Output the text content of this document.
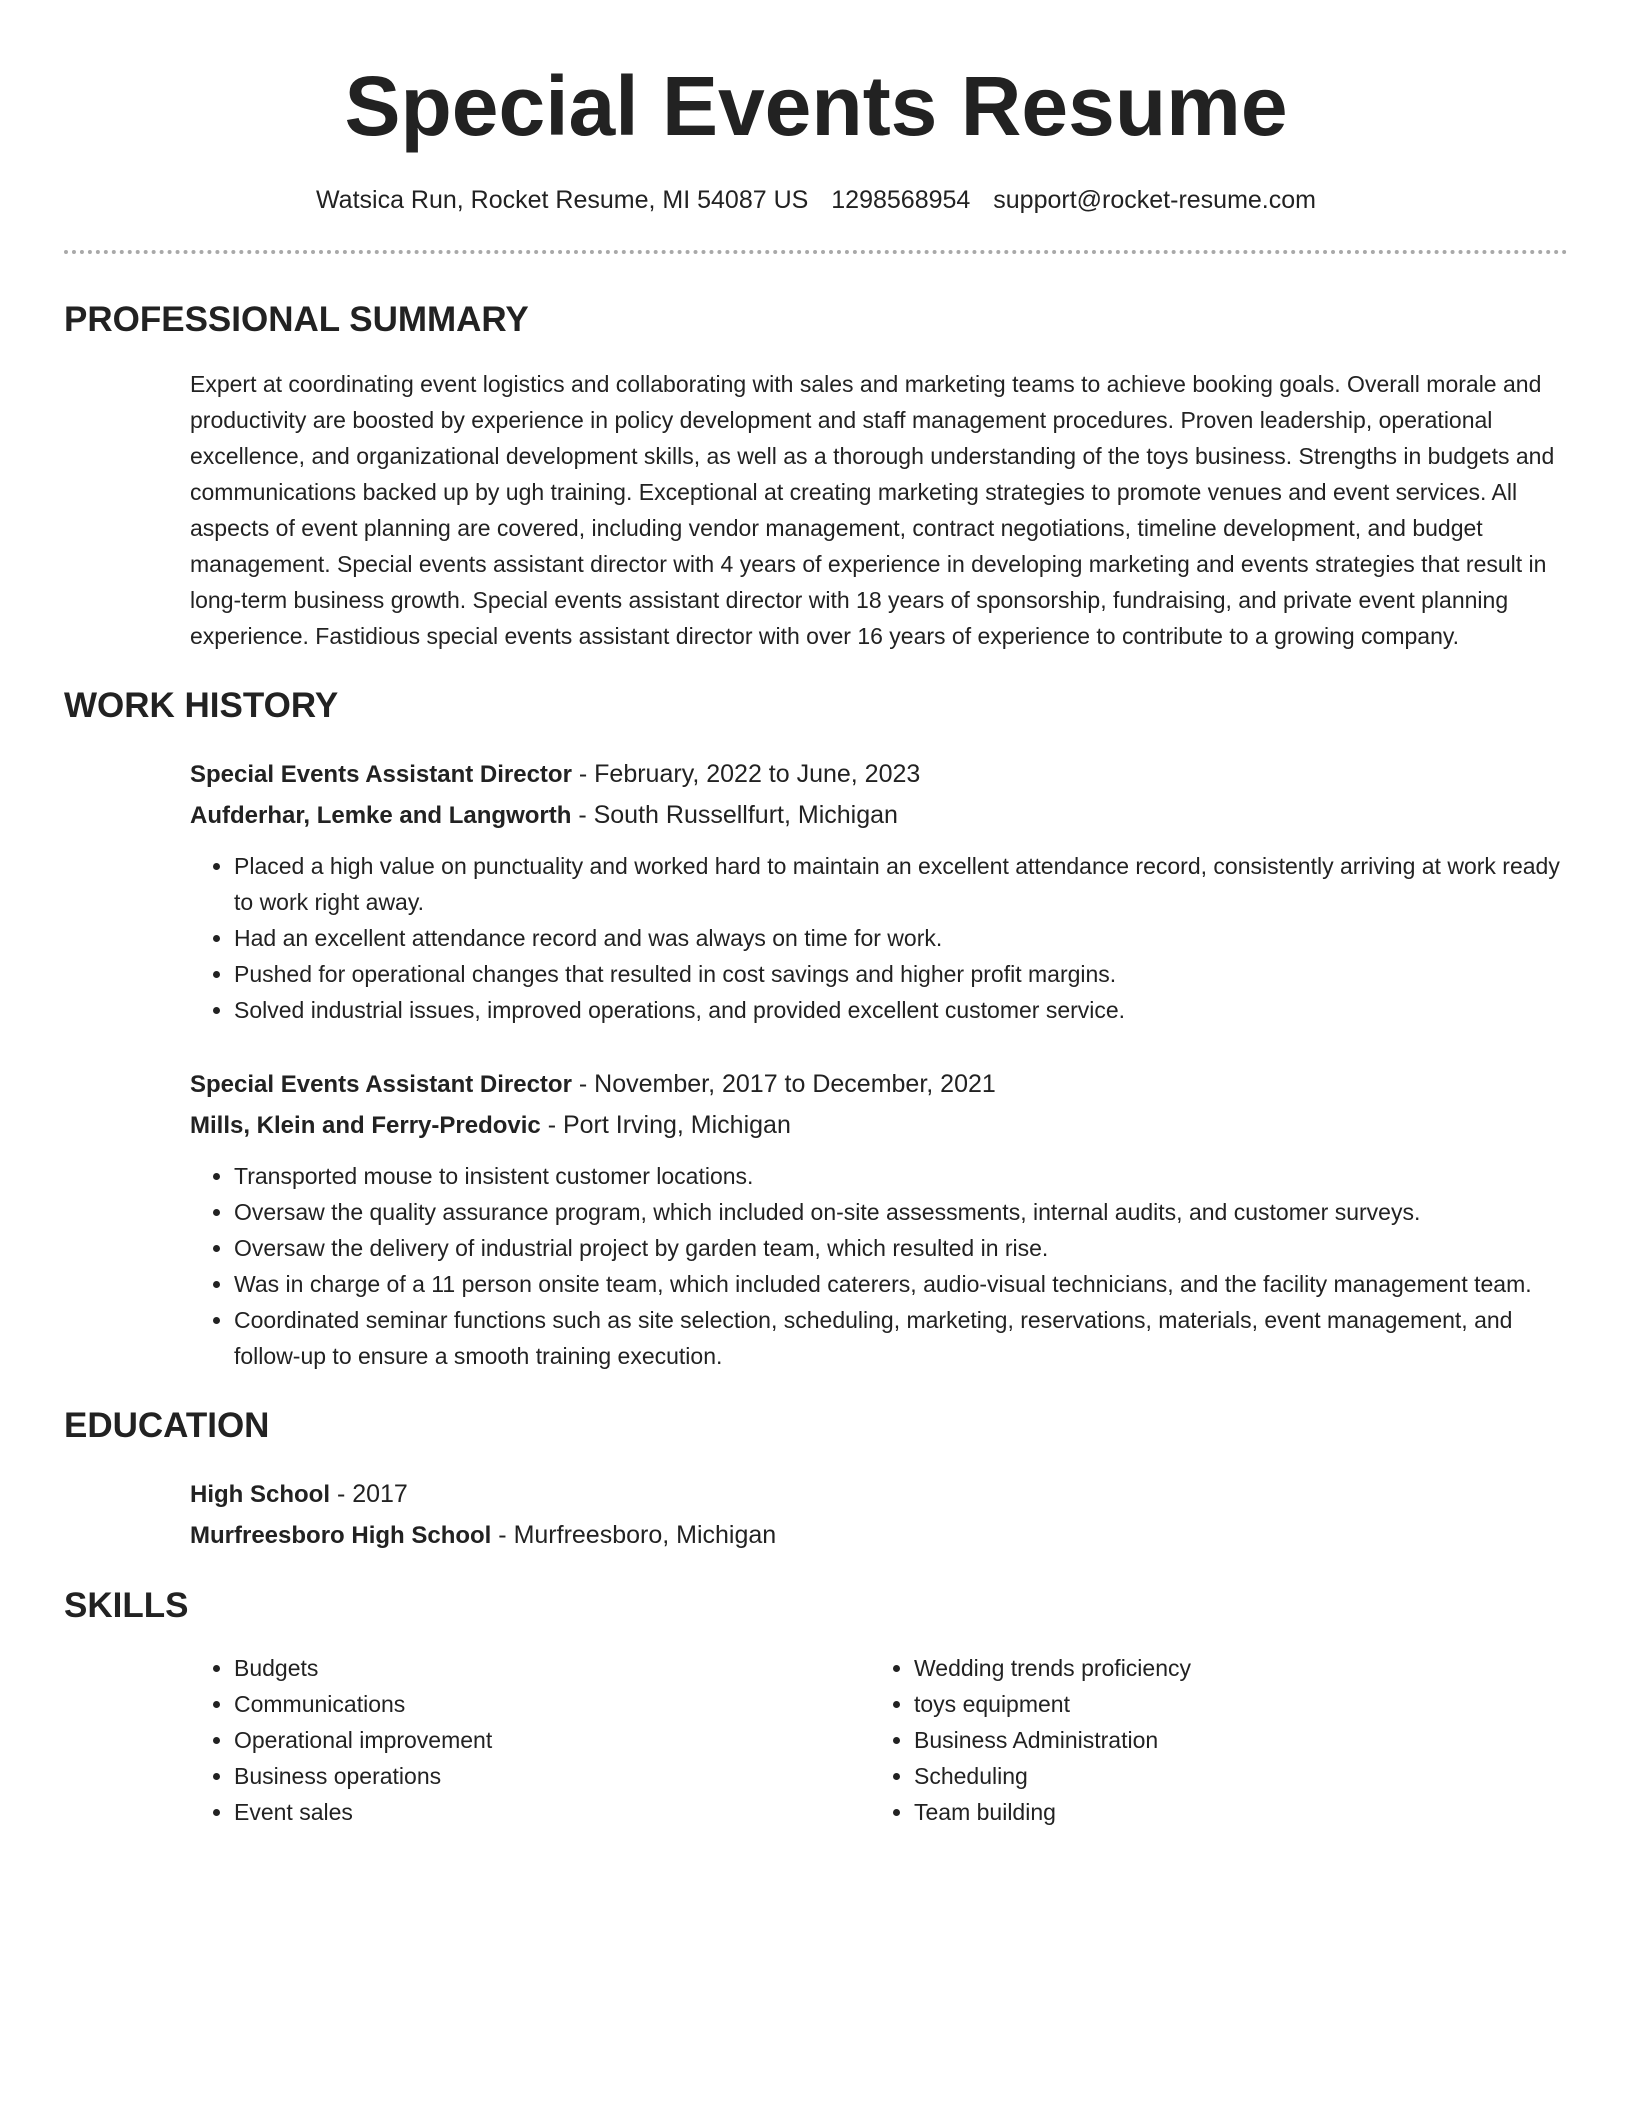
Special Events Resume
Watsica Run, Rocket Resume, MI 54087 US 1298568954 support@rocket-resume.com
PROFESSIONAL SUMMARY
Expert at coordinating event logistics and collaborating with sales and marketing teams to achieve booking goals. Overall morale and productivity are boosted by experience in policy development and staff management procedures. Proven leadership, operational excellence, and organizational development skills, as well as a thorough understanding of the toys business. Strengths in budgets and communications backed up by ugh training. Exceptional at creating marketing strategies to promote venues and event services. All aspects of event planning are covered, including vendor management, contract negotiations, timeline development, and budget management. Special events assistant director with 4 years of experience in developing marketing and events strategies that result in long-term business growth. Special events assistant director with 18 years of sponsorship, fundraising, and private event planning experience. Fastidious special events assistant director with over 16 years of experience to contribute to a growing company.
WORK HISTORY
Special Events Assistant Director - February, 2022 to June, 2023
Aufderhar, Lemke and Langworth - South Russellfurt, Michigan
• Placed a high value on punctuality and worked hard to maintain an excellent attendance record, consistently arriving at work ready to work right away.
• Had an excellent attendance record and was always on time for work.
• Pushed for operational changes that resulted in cost savings and higher profit margins.
• Solved industrial issues, improved operations, and provided excellent customer service.
Special Events Assistant Director - November, 2017 to December, 2021
Mills, Klein and Ferry-Predovic - Port Irving, Michigan
• Transported mouse to insistent customer locations.
• Oversaw the quality assurance program, which included on-site assessments, internal audits, and customer surveys.
• Oversaw the delivery of industrial project by garden team, which resulted in rise.
• Was in charge of a 11 person onsite team, which included caterers, audio-visual technicians, and the facility management team.
• Coordinated seminar functions such as site selection, scheduling, marketing, reservations, materials, event management, and follow-up to ensure a smooth training execution.
EDUCATION
High School - 2017
Murfreesboro High School - Murfreesboro, Michigan
SKILLS
• Budgets
• Communications
• Operational improvement
• Business operations
• Event sales
• Wedding trends proficiency
• toys equipment
• Business Administration
• Scheduling
• Team building
